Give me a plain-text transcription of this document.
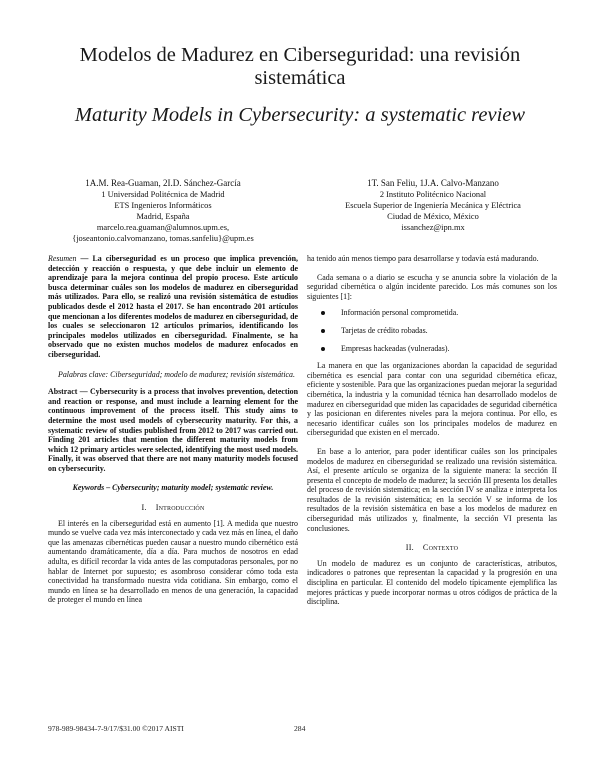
Modelos de Madurez en Ciberseguridad: una revisión sistemática
Maturity Models in Cybersecurity: a systematic review
1A.M. Rea-Guaman, 2I.D. Sánchez-García
1 Universidad Politécnica de Madrid
ETS Ingenieros Informáticos
Madrid, España
marcelo.rea.guaman@alumnos.upm.es,
{joseantonio.calvomanzano, tomas.sanfeliu}@upm.es
1T. San Feliu, 1J.A. Calvo-Manzano
2 Instituto Politécnico Nacional
Escuela Superior de Ingeniería Mecánica y Eléctrica
Ciudad de México, México
issanchez@ipn.mx

Resumen — La ciberseguridad es un proceso que implica prevención, detección y reacción o respuesta, y que debe incluir un elemento de aprendizaje para la mejora continua del propio proceso. Este artículo busca determinar cuáles son los modelos de madurez en ciberseguridad más utilizados. Para ello, se realizó una revisión sistemática de estudios publicados desde el 2012 hasta el 2017. Se han encontrado 201 artículos que mencionan a los diferentes modelos de madurez en ciberseguridad, de los cuales se seleccionaron 12 artículos primarios, identificando los principales modelos utilizados en ciberseguridad. Finalmente, se ha observado que no existen muchos modelos de madurez enfocados en ciberseguridad.

Palabras clave: Ciberseguridad; modelo de madurez; revisión sistemática.

Abstract — Cybersecurity is a process that involves prevention, detection and reaction or response, and must include a learning element for the continuous improvement of the process itself. This study aims to determine the most used models of cybersecurity maturity. For this, a systematic review of studies published from 2012 to 2017 was carried out. Finding 201 articles that mention the different maturity models from which 12 primary articles were selected, identifying the most used models. Finally, it was observed that there are not many maturity models focused on cybersecurity.

Keywords – Cybersecurity; maturity model; systematic review.

I. Introducción

El interés en la ciberseguridad está en aumento [1]. A medida que nuestro mundo se vuelve cada vez más interconectado y cada vez más en línea, el daño que las amenazas cibernéticas pueden causar a nuestro mundo cibernético está aumentando dramáticamente, día a día. Para muchos de nosotros en edad adulta, es difícil recordar la vida antes de las computadoras personales, por no hablar de Internet por supuesto; es asombroso considerar cómo toda esta conectividad ha transformado nuestra vida cotidiana. Sin embargo, como el mundo en línea se ha desarrollado en menos de una generación, la capacidad de proteger el mundo en línea

ha tenido aún menos tiempo para desarrollarse y todavía está madurando.

Cada semana o a diario se escucha y se anuncia sobre la violación de la seguridad cibernética o algún incidente parecido. Los más comunes son los siguientes [1]:

Información personal comprometida.
Tarjetas de crédito robadas.
Empresas hackeadas (vulneradas).

La manera en que las organizaciones abordan la capacidad de seguridad cibernética es esencial para contar con una seguridad cibernética eficaz, eficiente y sostenible. Para que las organizaciones puedan mejorar la seguridad cibernética, la industria y la comunidad técnica han desarrollado modelos de madurez en ciberseguridad que miden las capacidades de seguridad cibernética y las posicionan en diferentes niveles para la mejora continua. Por ello, es necesario identificar cuáles son los principales modelos de madurez en ciberseguridad que existen en el mercado.

En base a lo anterior, para poder identificar cuáles son los principales modelos de madurez en ciberseguridad se realizado una revisión sistemática. Así, el presente artículo se organiza de la siguiente manera: la sección II presenta el concepto de modelo de madurez; la sección III presenta los detalles del proceso de revisión sistemática; en la sección IV se analiza e interpreta los resultados de la revisión sistemática; en la sección V se informa de los resultados de la revisión sistemática en base a los modelos de madurez en ciberseguridad más utilizados y, finalmente, la sección VI presenta las conclusiones.

II. Contexto

Un modelo de madurez es un conjunto de características, atributos, indicadores o patrones que representan la capacidad y la progresión en una disciplina en particular. El contenido del modelo típicamente ejemplifica las mejores prácticas y puede incorporar normas u otros códigos de práctica de la disciplina.

978-989-98434-7-9/17/$31.00 ©2017 AISTI	284
